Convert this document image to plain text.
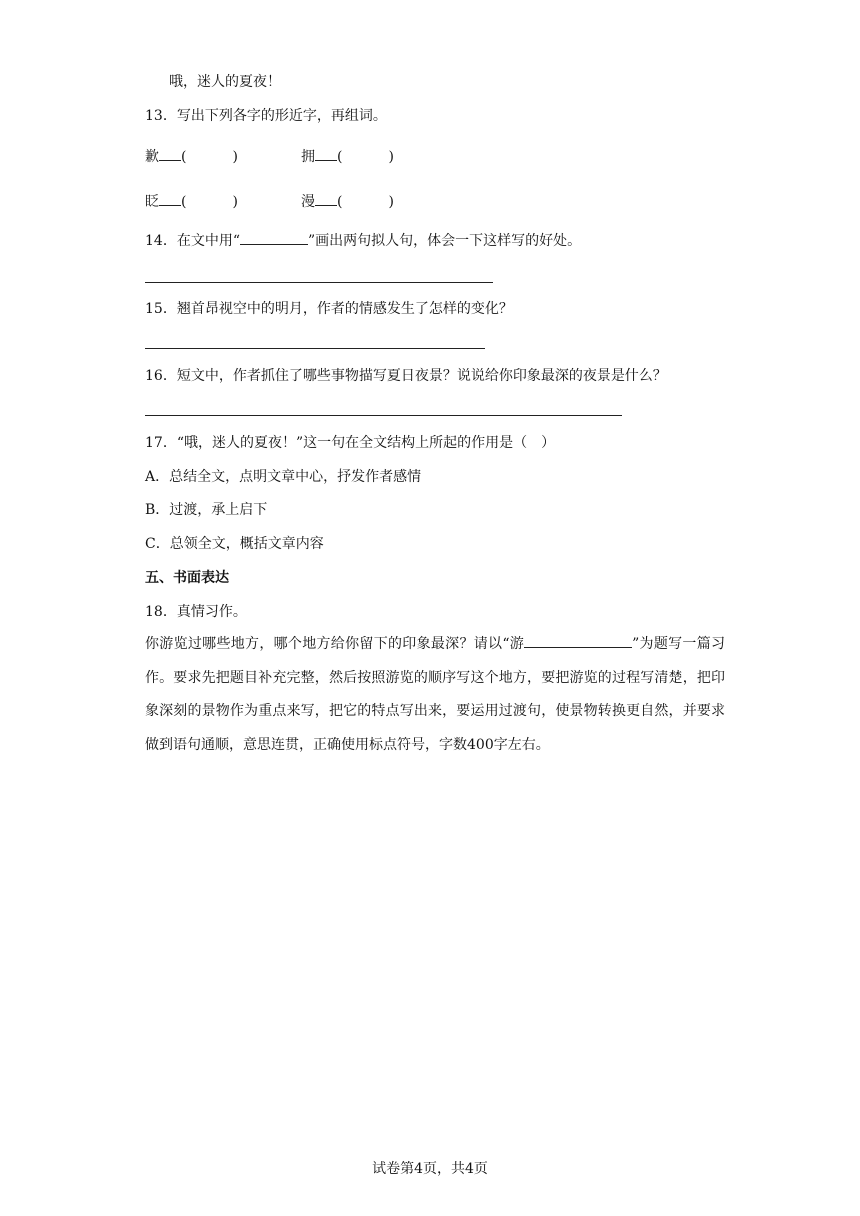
哦，迷人的夏夜！
13．写出下列各字的形近字，再组词。
歉 (	)	拥 (	)
眨 (	)	漫 (	)
14．在文中用“	”画出两句拟人句，体会一下这样写的好处。
15．翘首昂视空中的明月，作者的情感发生了怎样的变化？
16．短文中，作者抓住了哪些事物描写夏日夜景？说说给你印象最深的夜景是什么？
17．“哦，迷人的夏夜！”这一句在全文结构上所起的作用是（　）
A．总结全文，点明文章中心，抒发作者感情
B．过渡，承上启下
C．总领全文，概括文章内容
五、书面表达
18．真情习作。
你游览过哪些地方，哪个地方给你留下的印象最深？请以“游	”为题写一篇习作。要求先把题目补充完整，然后按照游览的顺序写这个地方，要把游览的过程写清楚，把印象深刻的景物作为重点来写，把它的特点写出来，要运用过渡句，使景物转换更自然，并要求做到语句通顺，意思连贯，正确使用标点符号，字数400字左右。
试卷第4页，共4页
